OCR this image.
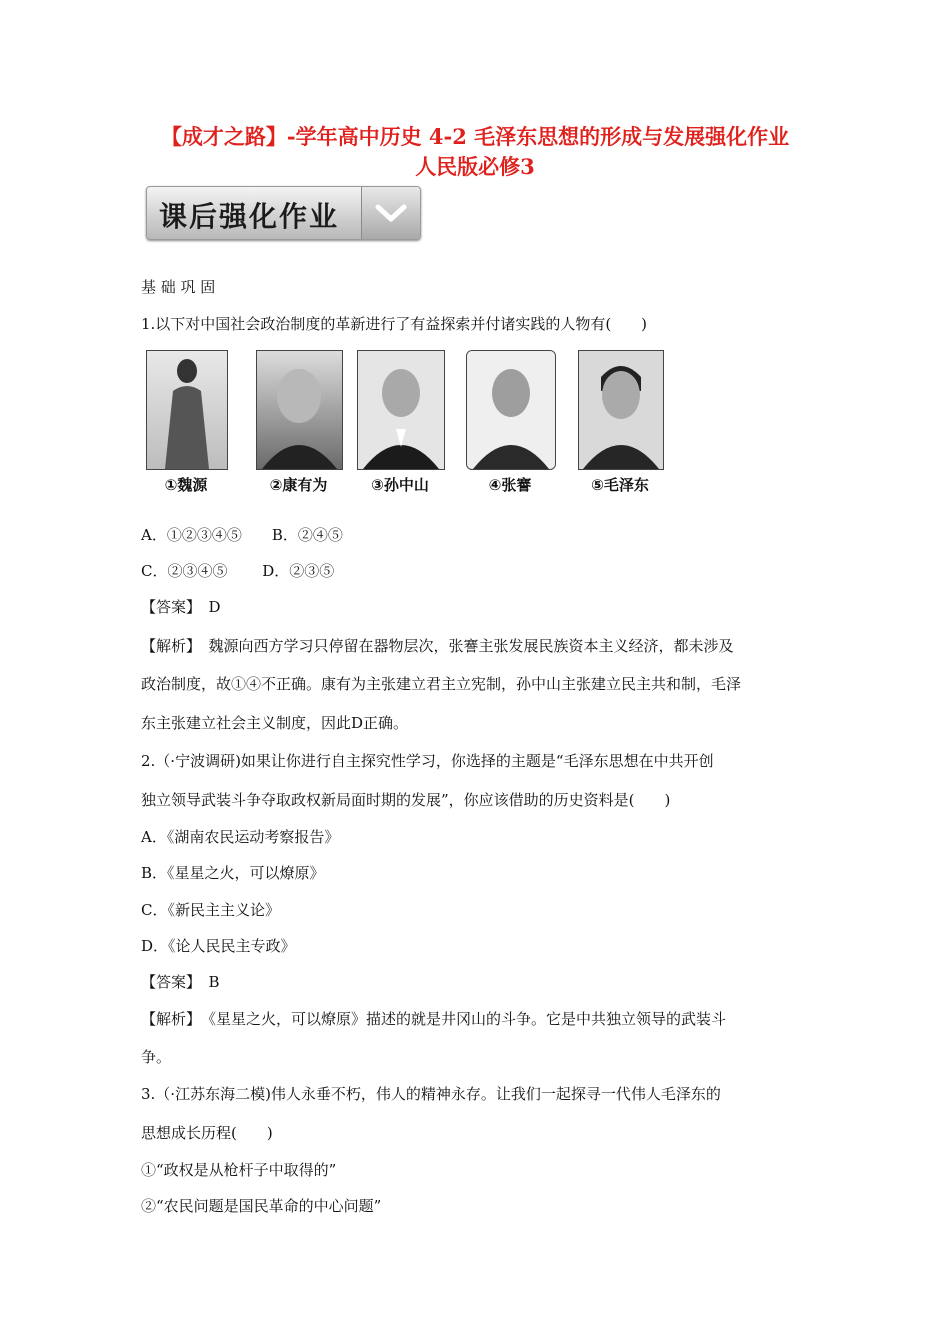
【成才之路】-学年高中历史 4-2 毛泽东思想的形成与发展强化作业
人民版必修3
课后强化作业
基 础 巩 固
1.以下对中国社会政治制度的革新进行了有益探索并付诸实践的人物有(　　)
①魏源	②康有为	③孙中山	④张謇	⑤毛泽东
A．①②③④⑤　　B．②④⑤
C．②③④⑤　　 D．②③⑤
【答案】　D
【解析】　魏源向西方学习只停留在器物层次，张謇主张发展民族资本主义经济，都未涉及
政治制度，故①④不正确。康有为主张建立君主立宪制，孙中山主张建立民主共和制，毛泽
东主张建立社会主义制度，因此D正确。
2.（·宁波调研)如果让你进行自主探究性学习，你选择的主题是“毛泽东思想在中共开创
独立领导武装斗争夺取政权新局面时期的发展”，你应该借助的历史资料是(　　)
A．《湖南农民运动考察报告》
B．《星星之火，可以燎原》
C．《新民主主义论》
D．《论人民民主专政》
【答案】　B
【解析】　《星星之火，可以燎原》描述的就是井冈山的斗争。它是中共独立领导的武装斗
争。
3.（·江苏东海二模)伟人永垂不朽，伟人的精神永存。让我们一起探寻一代伟人毛泽东的
思想成长历程(　　)
①“政权是从枪杆子中取得的”
②“农民问题是国民革命的中心问题”
